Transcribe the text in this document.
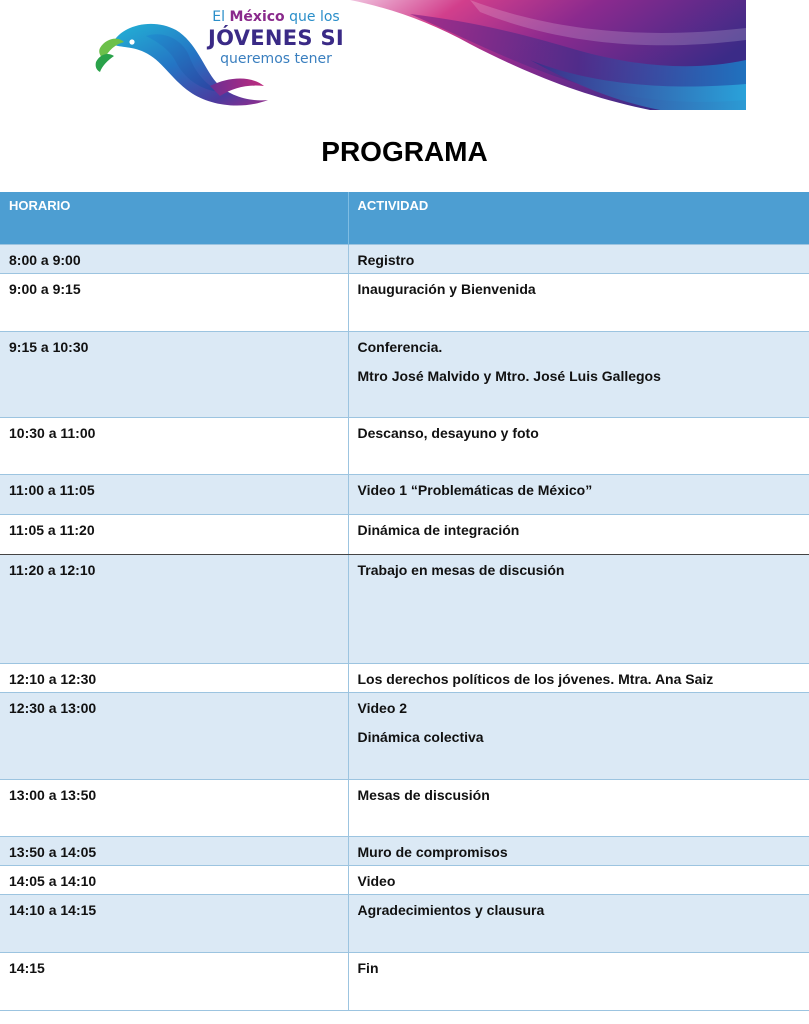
El México que los
JÓVENES SI
queremos tener
PROGRAMA
HORARIO	ACTIVIDAD
8:00 a 9:00	Registro
9:00 a 9:15	Inauguración y Bienvenida
9:15 a 10:30	Conferencia.
Mtro José Malvido y Mtro. José Luis Gallegos

10:30 a 11:00	Descanso, desayuno y foto
11:00 a 11:05	Video 1 “Problemáticas de México”
11:05 a 11:20	Dinámica de integración
11:20 a 12:10	Trabajo en mesas de discusión
12:10 a 12:30	Los derechos políticos de los jóvenes. Mtra. Ana Saiz
12:30 a 13:00	Video 2
Dinámica colectiva

13:00 a 13:50	Mesas de discusión
13:50 a 14:05	Muro de compromisos
14:05 a 14:10	Video
14:10 a 14:15	Agradecimientos y clausura
14:15	Fin
